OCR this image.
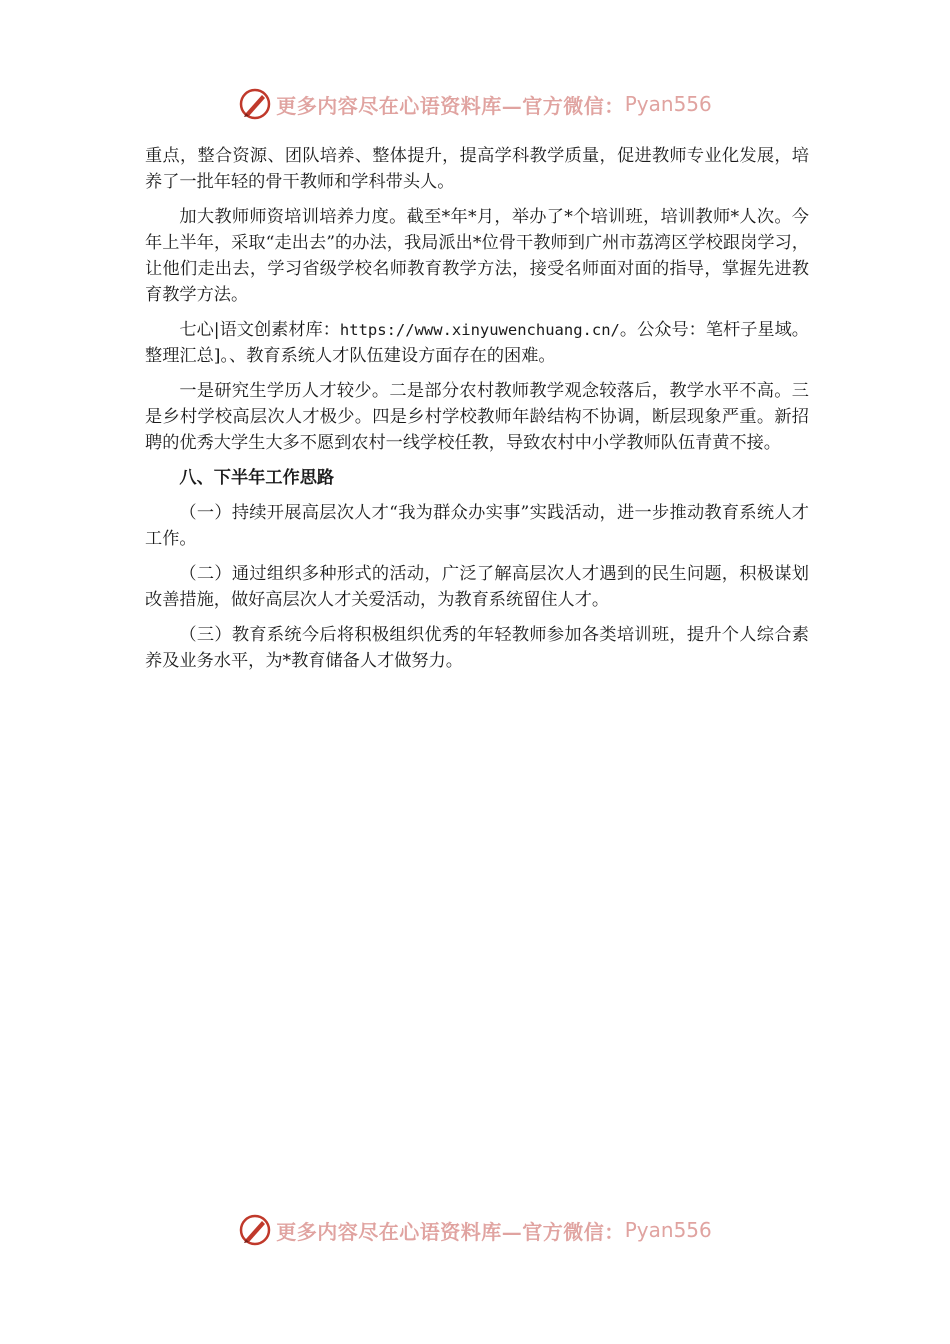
更多内容尽在心语资料库—官方微信： Pyan556

重点，整合资源、团队培养、整体提升，提高学科教学质量，促进教师专业化发展，培养了一批年轻的骨干教师和学科带头人。

加大教师师资培训培养力度。截至*年*月，举办了*个培训班，培训教师*人次。今年上半年，采取“走出去”的办法，我局派出*位骨干教师到广州市荔湾区学校跟岗学习，让他们走出去，学习省级学校名师教育教学方法，接受名师面对面的指导，掌握先进教育教学方法。

七心|语文创素材库：https://www.xinyuwenchuang.cn/。公众号：笔杆子星域。整理汇总]。、教育系统人才队伍建设方面存在的困难。

一是研究生学历人才较少。二是部分农村教师教学观念较落后，教学水平不高。三是乡村学校高层次人才极少。四是乡村学校教师年龄结构不协调，断层现象严重。新招聘的优秀大学生大多不愿到农村一线学校任教，导致农村中小学教师队伍青黄不接。

八、下半年工作思路

（一）持续开展高层次人才“我为群众办实事”实践活动，进一步推动教育系统人才工作。

（二）通过组织多种形式的活动，广泛了解高层次人才遇到的民生问题，积极谋划改善措施，做好高层次人才关爱活动，为教育系统留住人才。

（三）教育系统今后将积极组织优秀的年轻教师参加各类培训班，提升个人综合素养及业务水平，为*教育储备人才做努力。

更多内容尽在心语资料库—官方微信： Pyan556
